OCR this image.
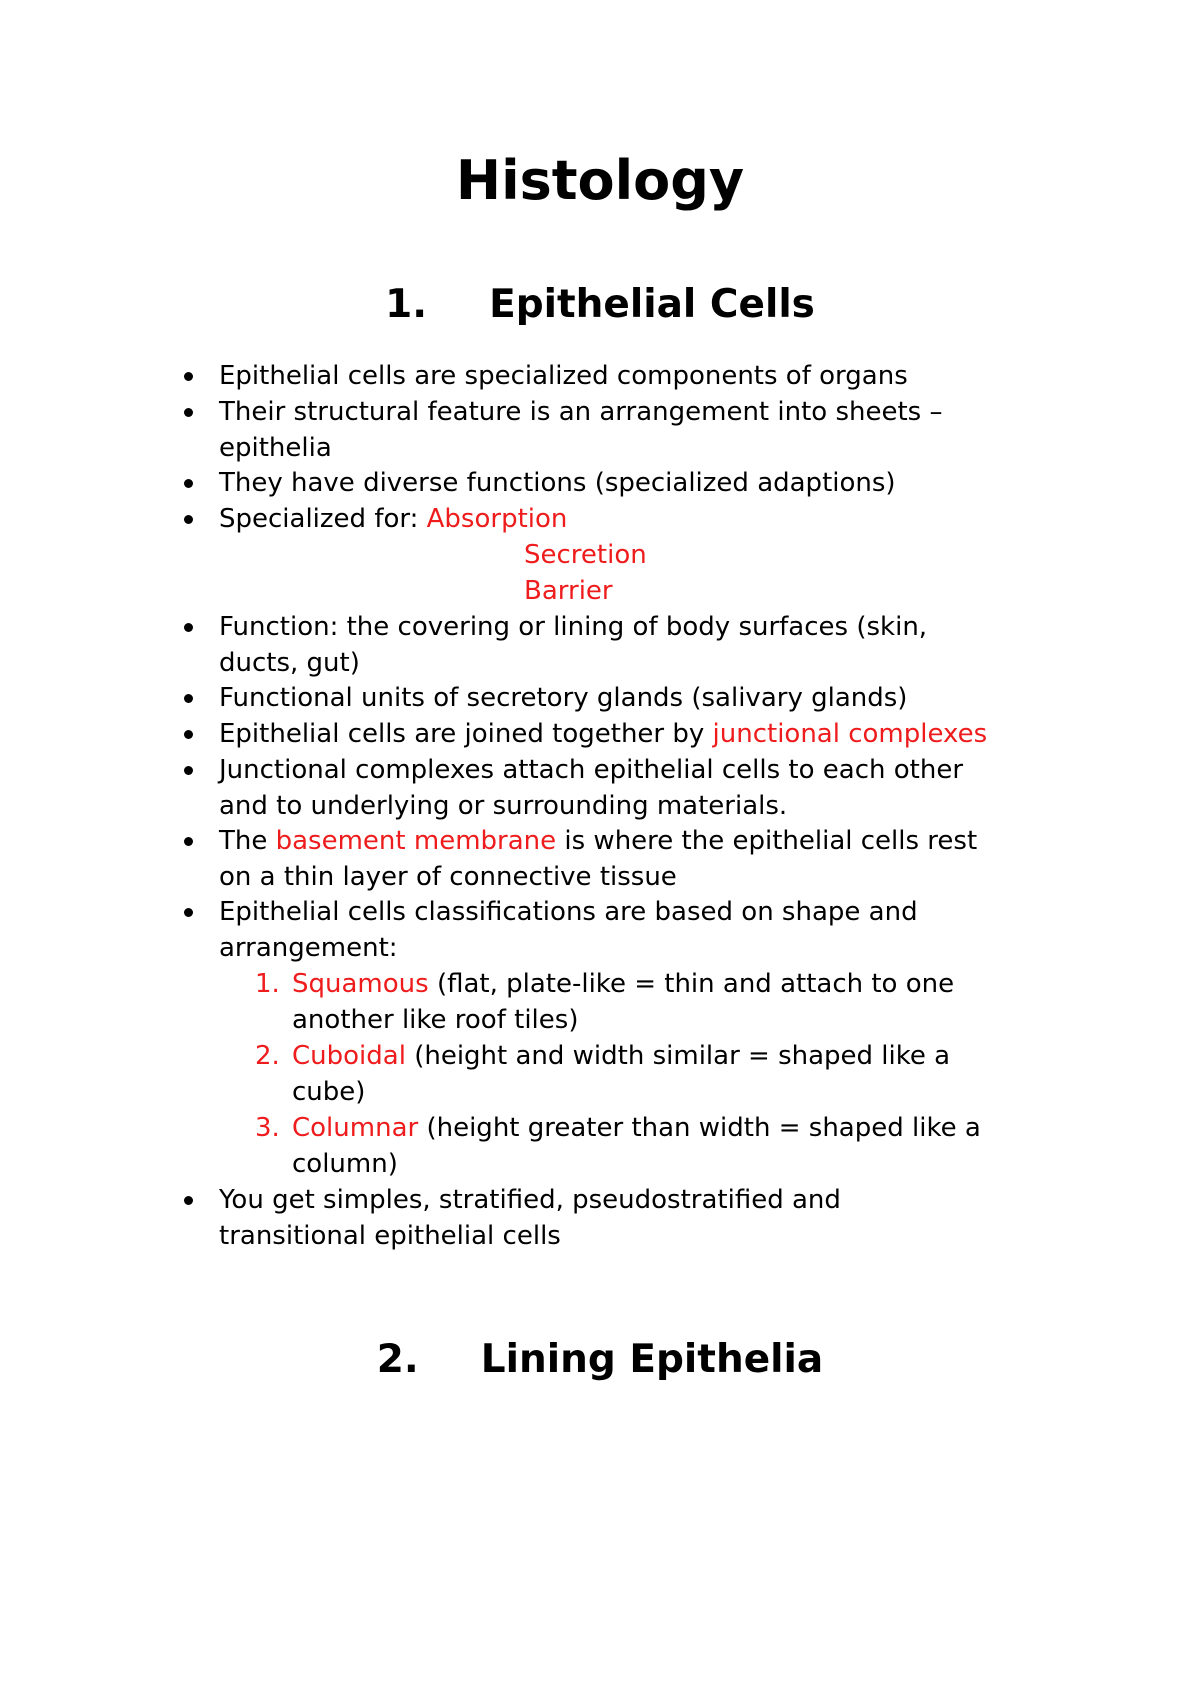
Histology
1. Epithelial Cells
Epithelial cells are specialized components of organs
Their structural feature is an arrangement into sheets –
epithelia
They have diverse functions (specialized adaptions)
Specialized for: Absorption
Secretion
Barrier
Function: the covering or lining of body surfaces (skin,
ducts, gut)
Functional units of secretory glands (salivary glands)
Epithelial cells are joined together by junctional complexes
Junctional complexes attach epithelial cells to each other
and to underlying or surrounding materials.
The basement membrane is where the epithelial cells rest
on a thin layer of connective tissue
Epithelial cells classifications are based on shape and
arrangement:
1. Squamous (flat, plate-like = thin and attach to one
another like roof tiles)
2. Cuboidal (height and width similar = shaped like a
cube)
3. Columnar (height greater than width = shaped like a
column)
You get simples, stratified, pseudostratified and
transitional epithelial cells
2. Lining Epithelia
